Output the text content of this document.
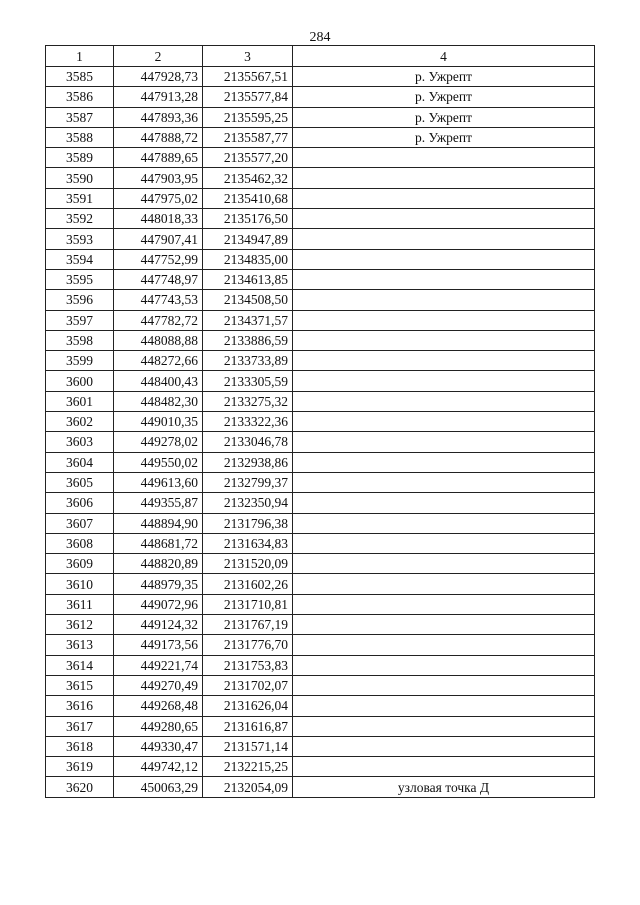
284
1	2	3	4
3585	447928,73	2135567,51	р. Ужрепт
3586	447913,28	2135577,84	р. Ужрепт
3587	447893,36	2135595,25	р. Ужрепт
3588	447888,72	2135587,77	р. Ужрепт
3589	447889,65	2135577,20	
3590	447903,95	2135462,32	
3591	447975,02	2135410,68	
3592	448018,33	2135176,50	
3593	447907,41	2134947,89	
3594	447752,99	2134835,00	
3595	447748,97	2134613,85	
3596	447743,53	2134508,50	
3597	447782,72	2134371,57	
3598	448088,88	2133886,59	
3599	448272,66	2133733,89	
3600	448400,43	2133305,59	
3601	448482,30	2133275,32	
3602	449010,35	2133322,36	
3603	449278,02	2133046,78	
3604	449550,02	2132938,86	
3605	449613,60	2132799,37	
3606	449355,87	2132350,94	
3607	448894,90	2131796,38	
3608	448681,72	2131634,83	
3609	448820,89	2131520,09	
3610	448979,35	2131602,26	
3611	449072,96	2131710,81	
3612	449124,32	2131767,19	
3613	449173,56	2131776,70	
3614	449221,74	2131753,83	
3615	449270,49	2131702,07	
3616	449268,48	2131626,04	
3617	449280,65	2131616,87	
3618	449330,47	2131571,14	
3619	449742,12	2132215,25	
3620	450063,29	2132054,09	узловая точка Д
